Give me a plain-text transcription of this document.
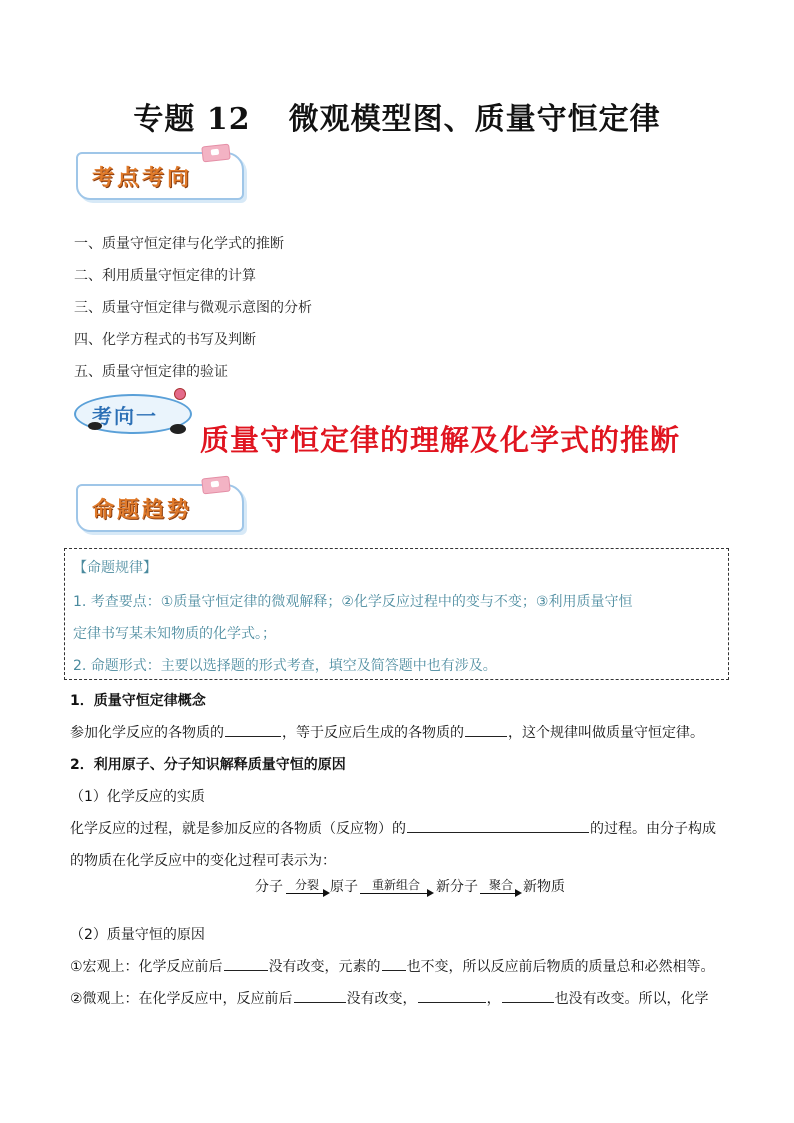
专题 12 微观模型图、质量守恒定律
考点考向
一、质量守恒定律与化学式的推断
二、利用质量守恒定律的计算
三、质量守恒定律与微观示意图的分析
四、化学方程式的书写及判断
五、质量守恒定律的验证
考向一
质量守恒定律的理解及化学式的推断
命题趋势
【命题规律】
1. 考查要点：①质量守恒定律的微观解释；②化学反应过程中的变与不变；③利用质量守恒
定律书写某未知物质的化学式。；
2. 命题形式：主要以选择题的形式考查，填空及简答题中也有涉及。
1．质量守恒定律概念
参加化学反应的各物质的	，等于反应后生成的各物质的	，这个规律叫做质量守恒定律。
2．利用原子、分子知识解释质量守恒的原因
（1）化学反应的实质
化学反应的过程，就是参加反应的各物质（反应物）的	的过程。由分子构成
的物质在化学反应中的变化过程可表示为：
分子 分裂 原子 重新组合 新分子 聚合 新物质
（2）质量守恒的原因
①宏观上：化学反应前后	没有改变，元素的 也不变，所以反应前后物质的质量总和必然相等。
②微观上：在化学反应中，反应前后	没有改变，	，	也没有改变。所以，化学
